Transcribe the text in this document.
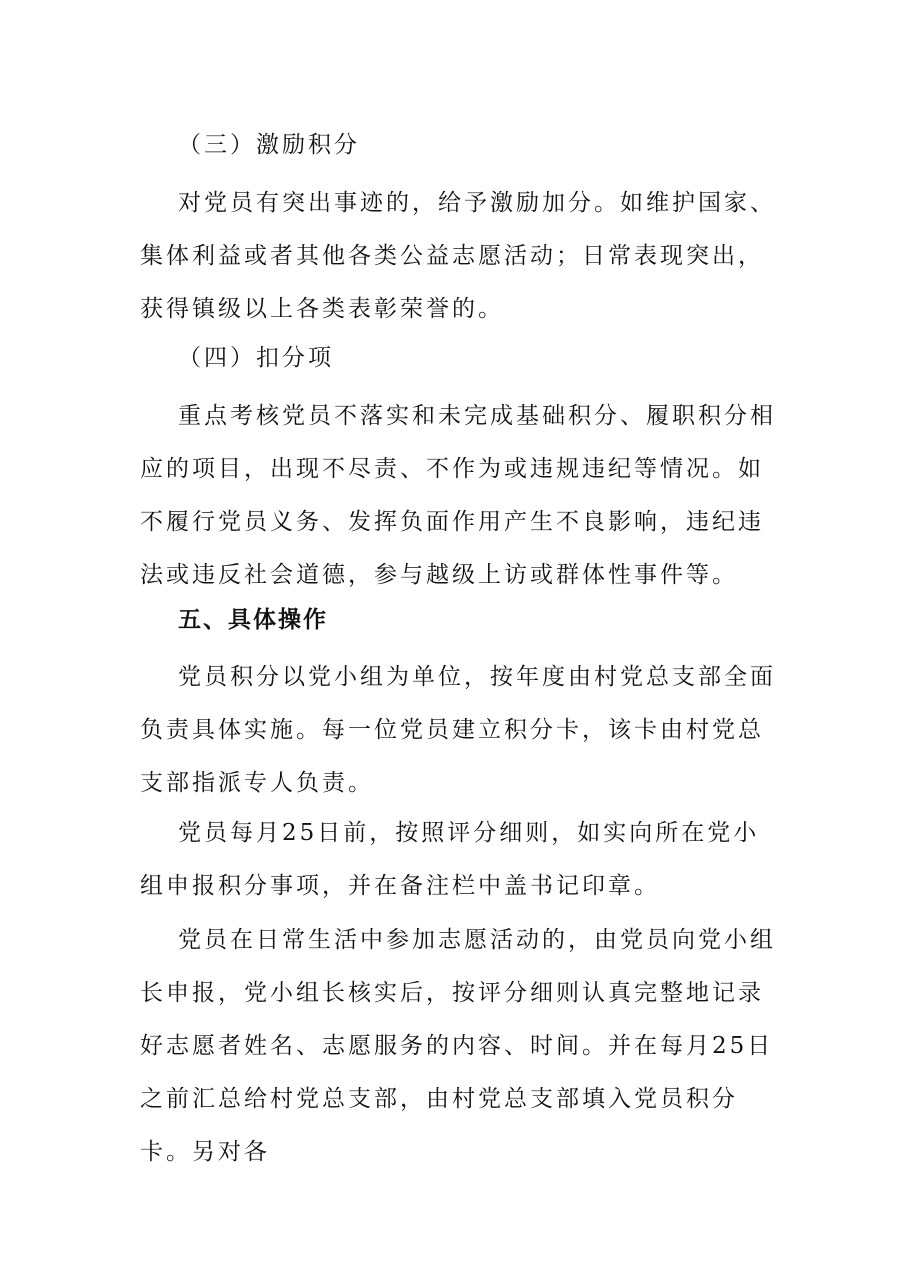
（三）激励积分

对党员有突出事迹的，给予激励加分。如维护国家、集体利益或者其他各类公益志愿活动；日常表现突出，获得镇级以上各类表彰荣誉的。

（四）扣分项

重点考核党员不落实和未完成基础积分、履职积分相应的项目，出现不尽责、不作为或违规违纪等情况。如不履行党员义务、发挥负面作用产生不良影响，违纪违法或违反社会道德，参与越级上访或群体性事件等。

五、具体操作

党员积分以党小组为单位，按年度由村党总支部全面负责具体实施。每一位党员建立积分卡，该卡由村党总支部指派专人负责。

党员每月25日前，按照评分细则，如实向所在党小组申报积分事项，并在备注栏中盖书记印章。

党员在日常生活中参加志愿活动的，由党员向党小组长申报，党小组长核实后，按评分细则认真完整地记录好志愿者姓名、志愿服务的内容、时间。并在每月25日之前汇总给村党总支部，由村党总支部填入党员积分卡。另对各
